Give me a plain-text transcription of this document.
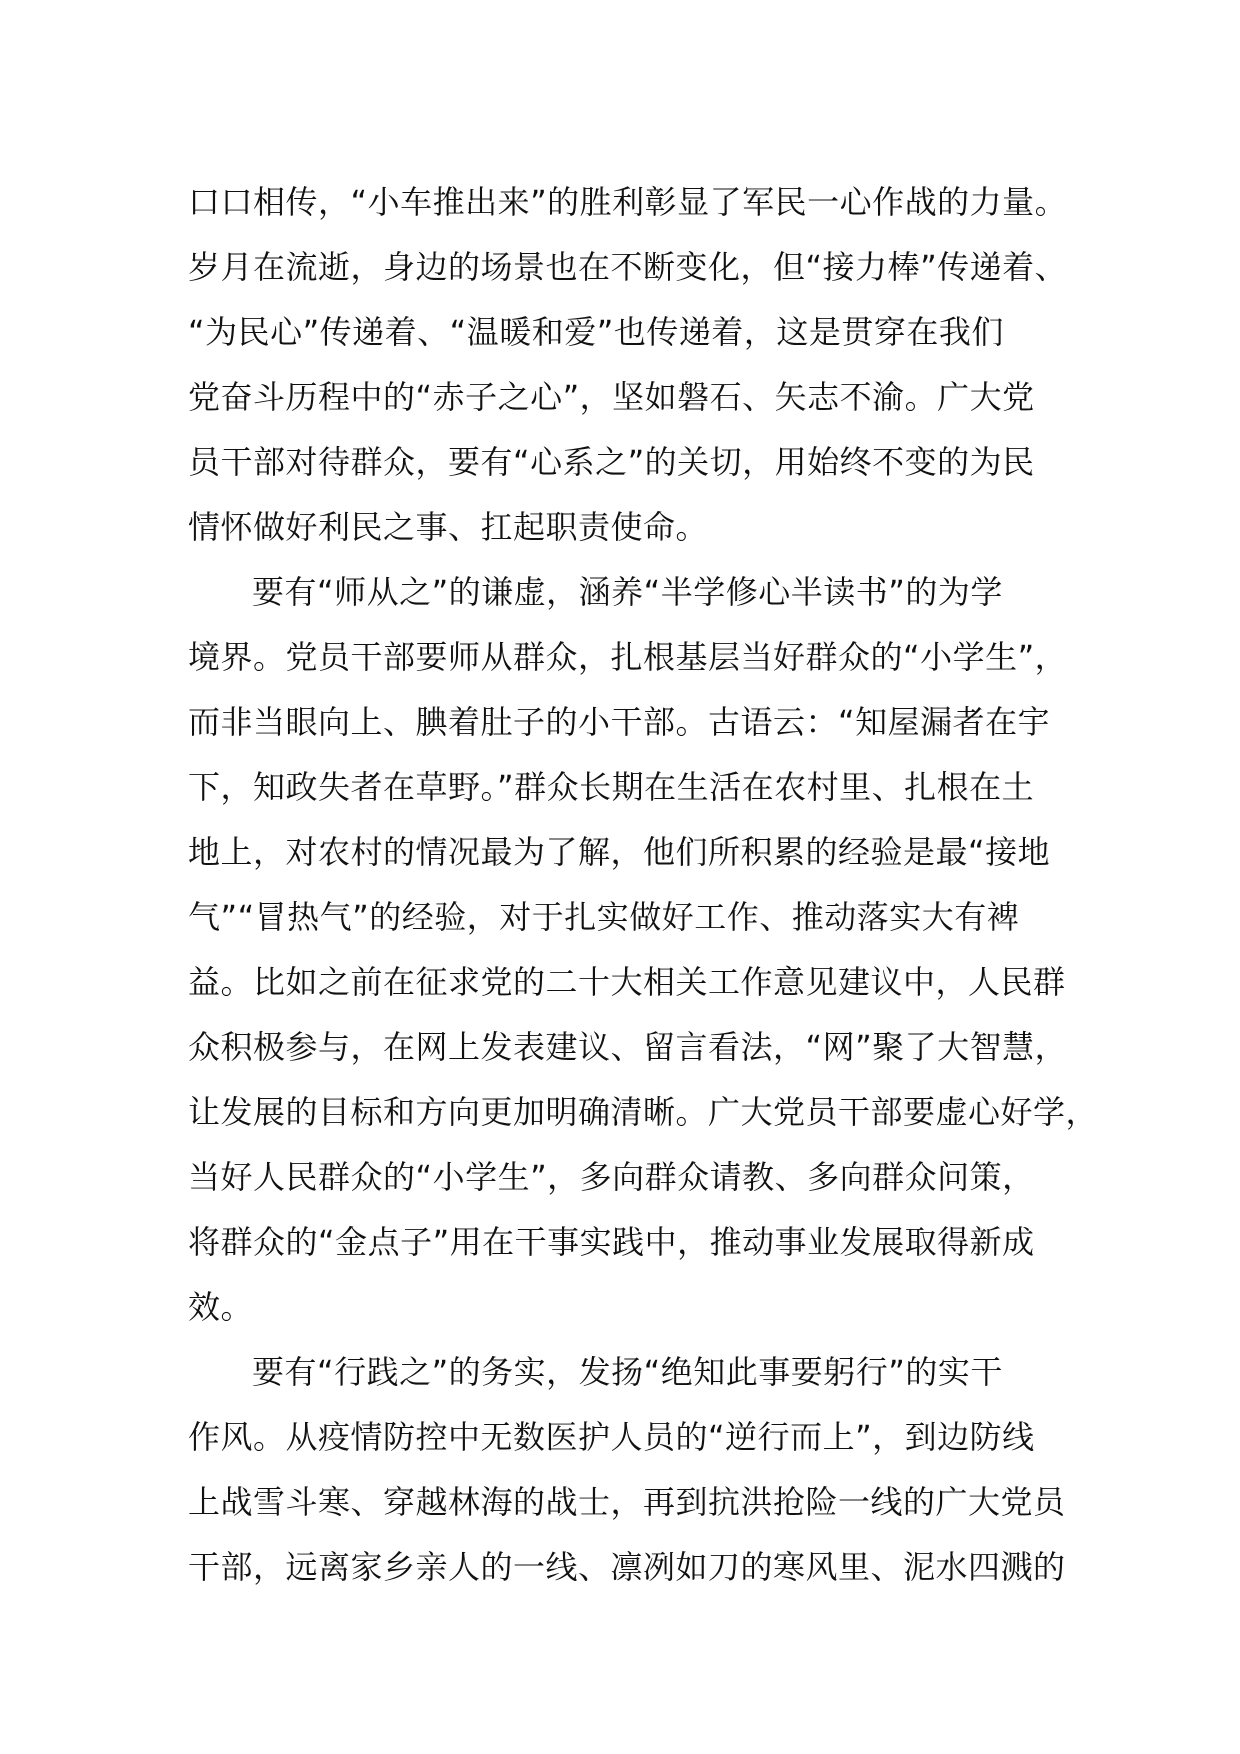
口口相传，“小车推出来”的胜利彰显了军民一心作战的力量。
岁月在流逝，身边的场景也在不断变化，但“接力棒”传递着、
“为民心”传递着、“温暖和爱”也传递着，这是贯穿在我们
党奋斗历程中的“赤子之心”，坚如磐石、矢志不渝。广大党
员干部对待群众，要有“心系之”的关切，用始终不变的为民
情怀做好利民之事、扛起职责使命。
要有“师从之”的谦虚，涵养“半学修心半读书”的为学
境界。党员干部要师从群众，扎根基层当好群众的“小学生”，
而非当眼向上、腆着肚子的小干部。古语云：“知屋漏者在宇
下，知政失者在草野。”群众长期在生活在农村里、扎根在土
地上，对农村的情况最为了解，他们所积累的经验是最“接地
气”“冒热气”的经验，对于扎实做好工作、推动落实大有裨
益。比如之前在征求党的二十大相关工作意见建议中，人民群
众积极参与，在网上发表建议、留言看法，“网”聚了大智慧，
让发展的目标和方向更加明确清晰。广大党员干部要虚心好学，
当好人民群众的“小学生”，多向群众请教、多向群众问策，
将群众的“金点子”用在干事实践中，推动事业发展取得新成
效。
要有“行践之”的务实，发扬“绝知此事要躬行”的实干
作风。从疫情防控中无数医护人员的“逆行而上”，到边防线
上战雪斗寒、穿越林海的战士，再到抗洪抢险一线的广大党员
干部，远离家乡亲人的一线、凛冽如刀的寒风里、泥水四溅的
